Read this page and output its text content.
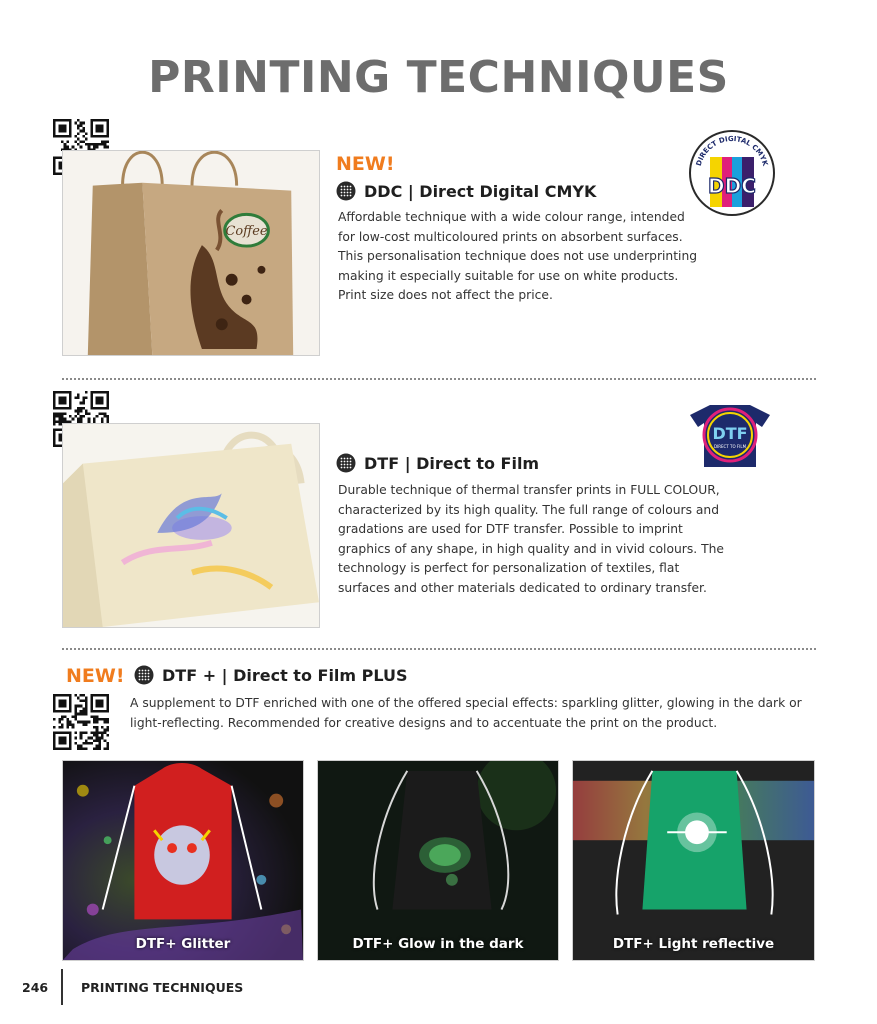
PRINTING TECHNIQUES
Coffee
NEW!
DDC | Direct Digital CMYK
Affordable technique with a wide colour range, intended for low-cost multicoloured prints on absorbent surfaces. This personalisation technique does not use underprinting making it especially suitable for use on white products. Print size does not affect the price.
DIRECT DIGITAL CMYK
DDC
DTF | Direct to Film
Durable technique of thermal transfer prints in FULL COLOUR, characterized by its high quality. The full range of colours and gradations are used for DTF transfer. Possible to imprint graphics of any shape, in high quality and in vivid colours. The technology is perfect for personalization of textiles, flat surfaces and other materials dedicated to ordinary transfer.
DTF
DIRECT TO FILM
NEW! DTF + | Direct to Film PLUS
A supplement to DTF enriched with one of the offered special effects: sparkling glitter, glowing in the dark or light-reflecting. Recommended for creative designs and to accentuate the print on the product.
DTF+ Glitter	DTF+ Glow in the dark	DTF+ Light reflective
246	PRINTING TECHNIQUES
